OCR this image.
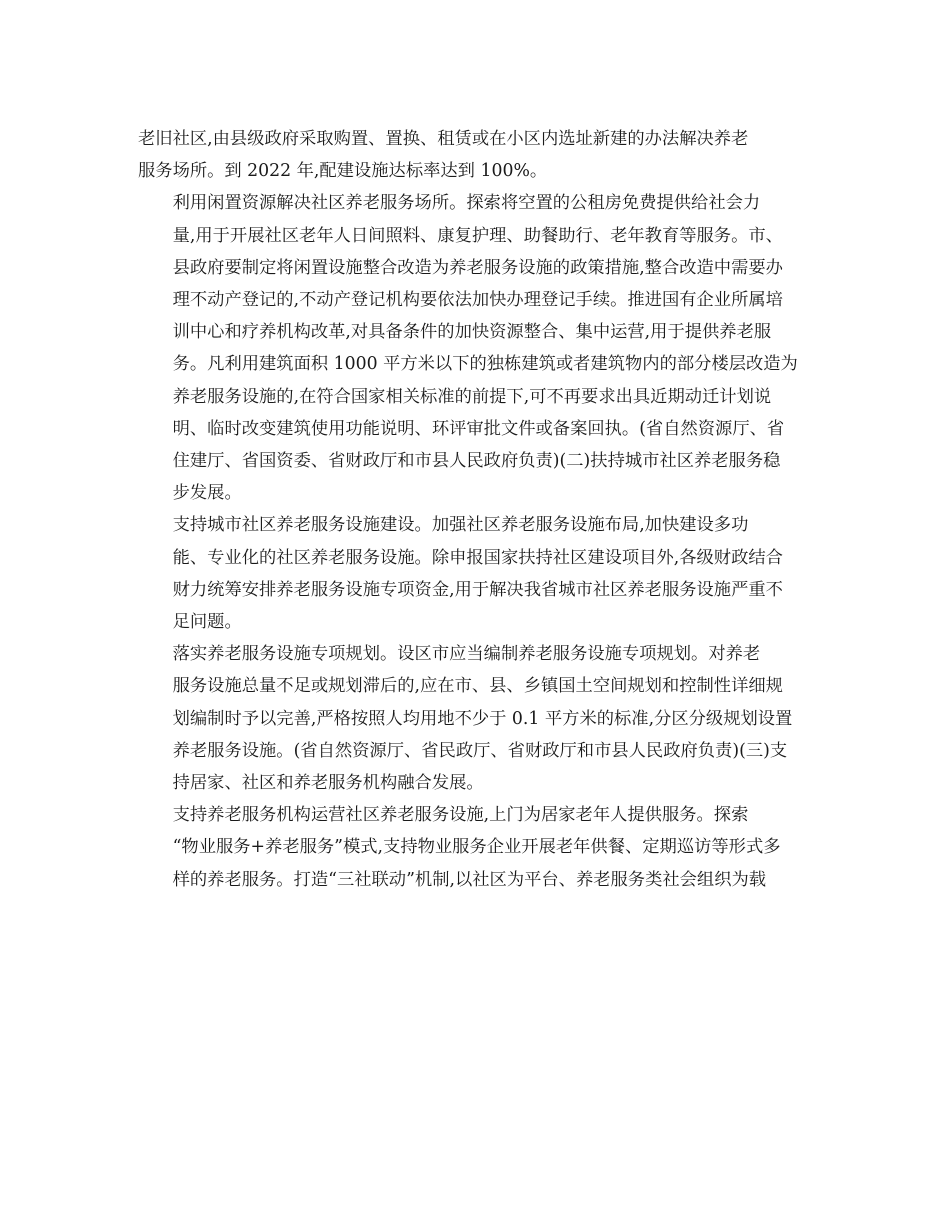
老旧社区,由县级政府采取购置、置换、租赁或在小区内选址新建的办法解决养老
服务场所。到 2022 年,配建设施达标率达到 100%。

利用闲置资源解决社区养老服务场所。探索将空置的公租房免费提供给社会力
量,用于开展社区老年人日间照料、康复护理、助餐助行、老年教育等服务。市、
县政府要制定将闲置设施整合改造为养老服务设施的政策措施,整合改造中需要办
理不动产登记的,不动产登记机构要依法加快办理登记手续。推进国有企业所属培
训中心和疗养机构改革,对具备条件的加快资源整合、集中运营,用于提供养老服
务。凡利用建筑面积 1000 平方米以下的独栋建筑或者建筑物内的部分楼层改造为
养老服务设施的,在符合国家相关标准的前提下,可不再要求出具近期动迁计划说
明、临时改变建筑使用功能说明、环评审批文件或备案回执。(省自然资源厅、省
住建厅、省国资委、省财政厅和市县人民政府负责)(二)扶持城市社区养老服务稳
步发展。

支持城市社区养老服务设施建设。加强社区养老服务设施布局,加快建设多功
能、专业化的社区养老服务设施。除申报国家扶持社区建设项目外,各级财政结合
财力统筹安排养老服务设施专项资金,用于解决我省城市社区养老服务设施严重不
足问题。

落实养老服务设施专项规划。设区市应当编制养老服务设施专项规划。对养老
服务设施总量不足或规划滞后的,应在市、县、乡镇国土空间规划和控制性详细规
划编制时予以完善,严格按照人均用地不少于 0.1 平方米的标准,分区分级规划设置
养老服务设施。(省自然资源厅、省民政厅、省财政厅和市县人民政府负责)(三)支
持居家、社区和养老服务机构融合发展。

支持养老服务机构运营社区养老服务设施,上门为居家老年人提供服务。探索
“物业服务+养老服务”模式,支持物业服务企业开展老年供餐、定期巡访等形式多
样的养老服务。打造“三社联动”机制,以社区为平台、养老服务类社会组织为载
